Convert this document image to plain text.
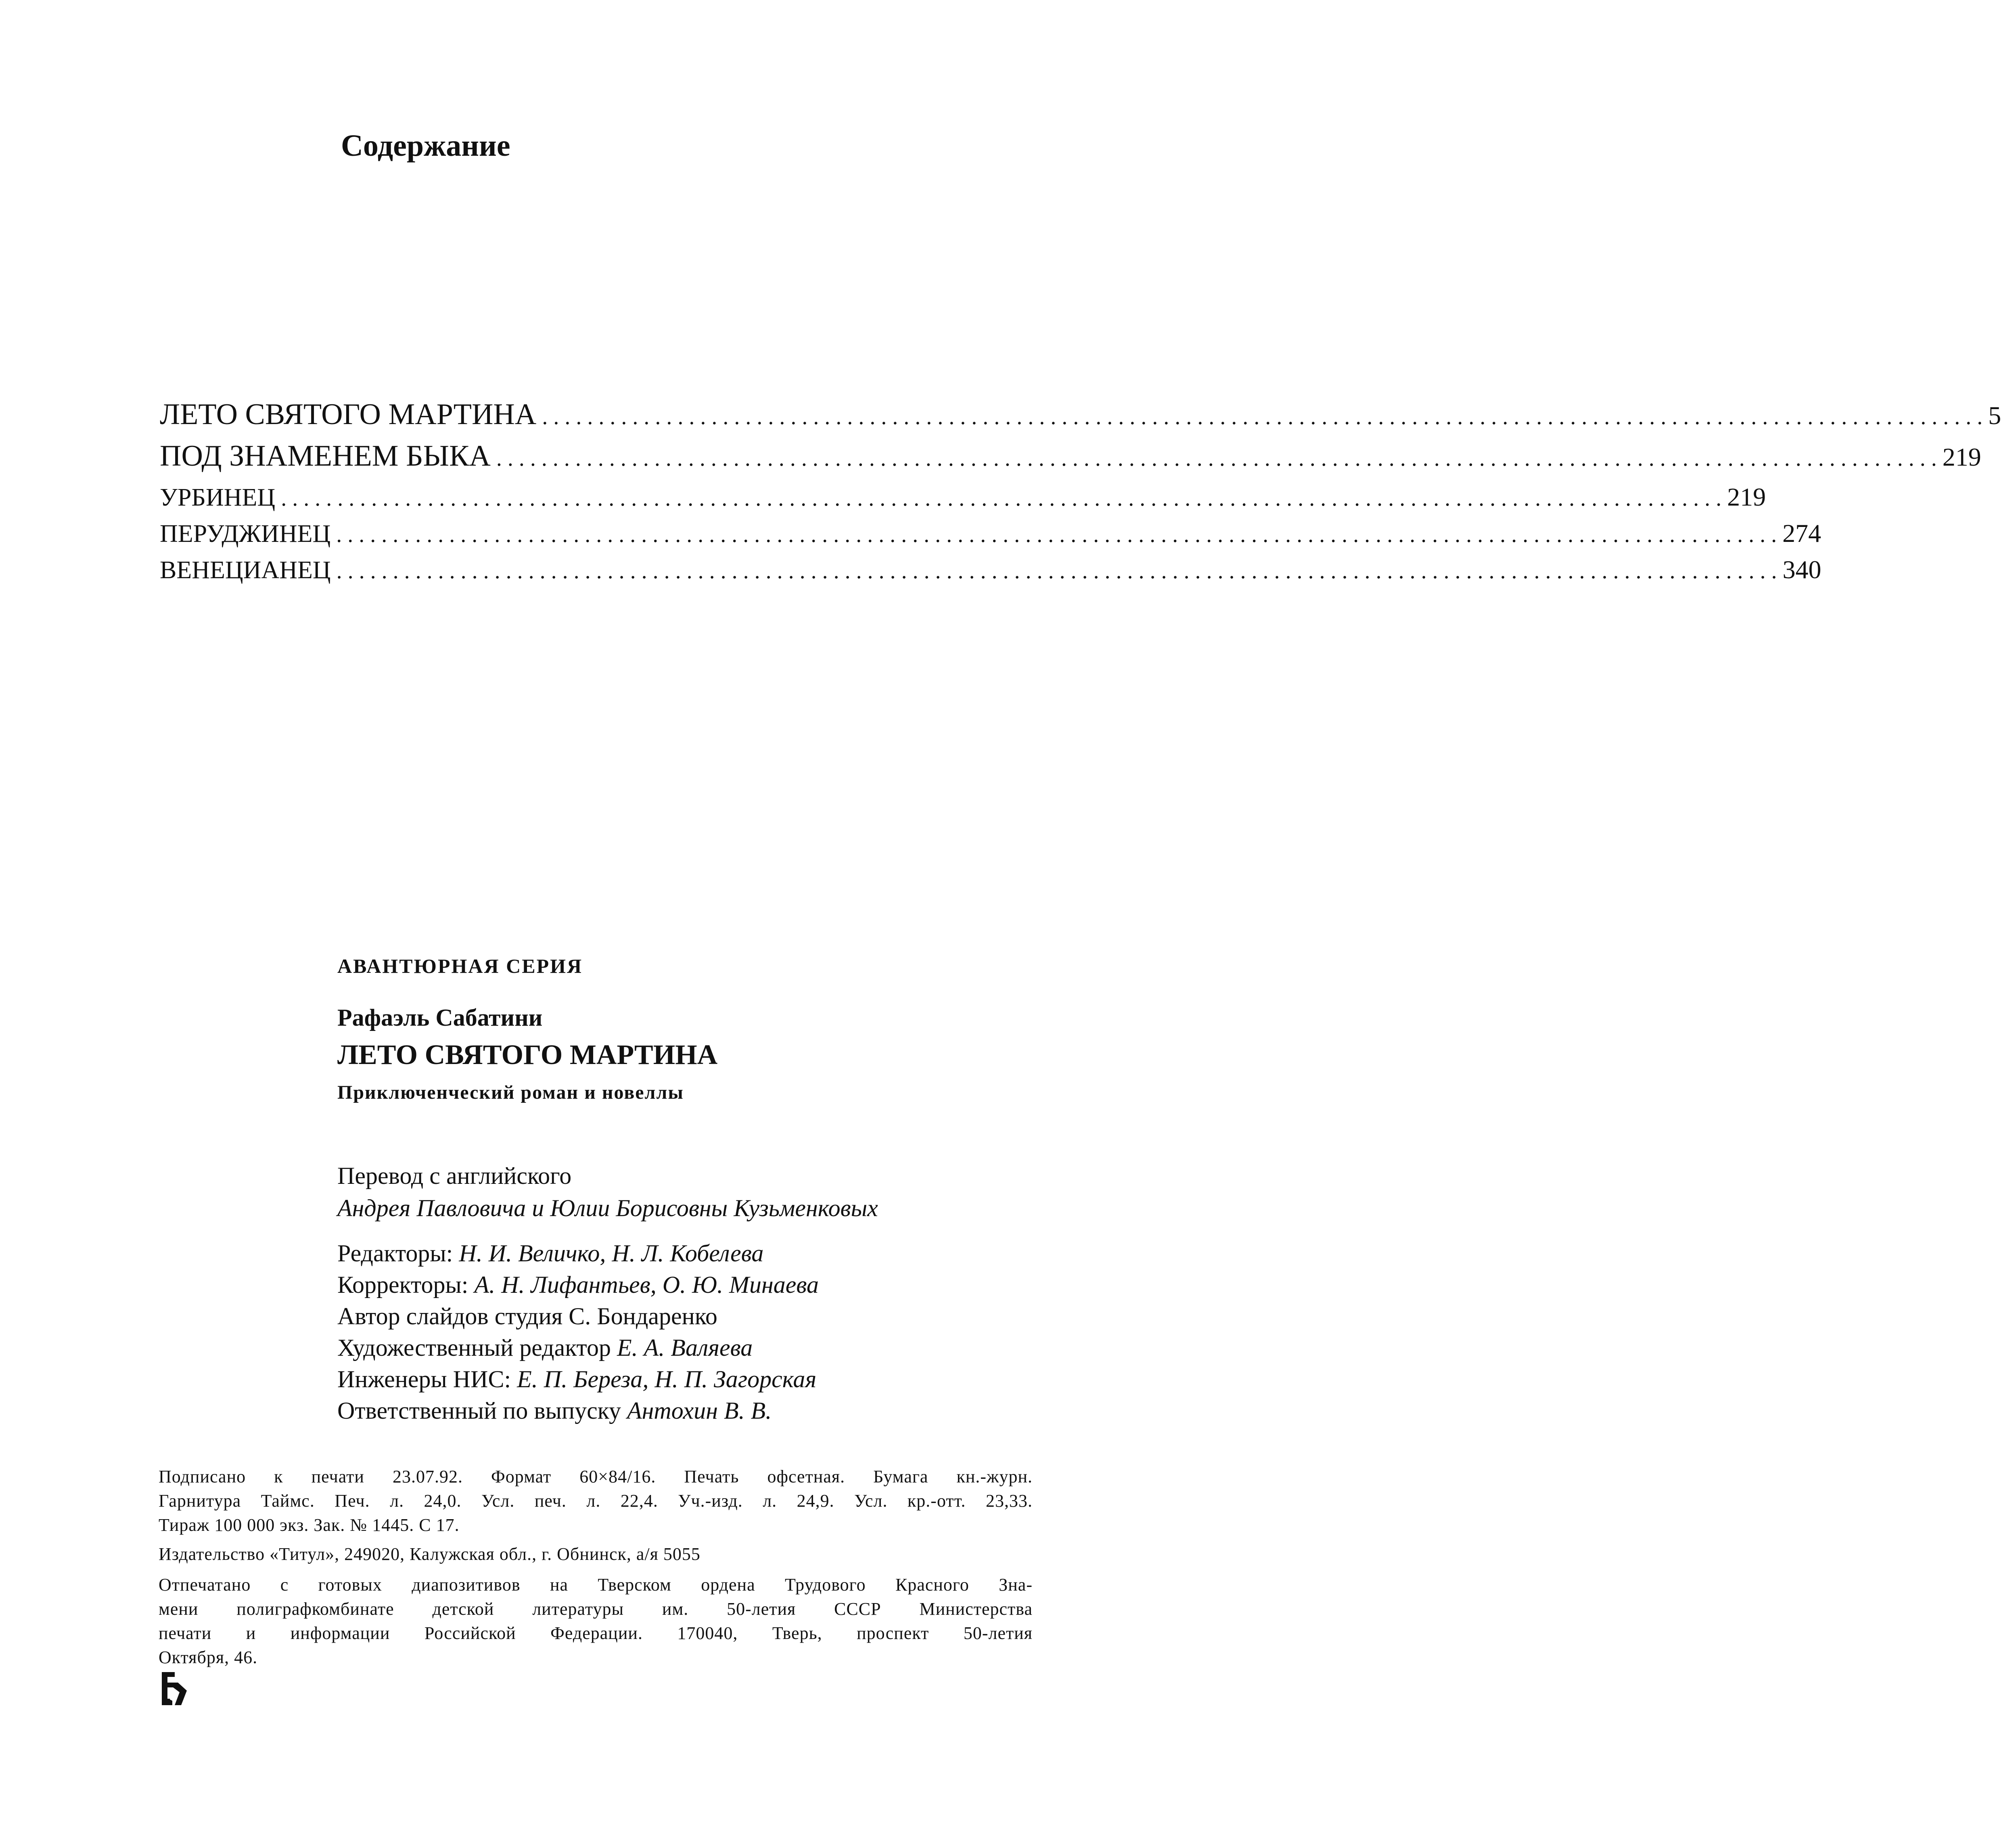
Содержание
ЛЕТО СВЯТОГО МАРТИНА ................................................................................................................................ 5
ПОД ЗНАМЕНЕМ БЫКА ................................................................................................................................ 219
УРБИНЕЦ ................................................................................................................................ 219
ПЕРУДЖИНЕЦ ................................................................................................................................ 274
ВЕНЕЦИАНЕЦ ................................................................................................................................ 340
АВАНТЮРНАЯ СЕРИЯ
Рафаэль Сабатини
ЛЕТО СВЯТОГО МАРТИНА
Приключенческий роман и новеллы
Перевод с английского
Андрея Павловича и Юлии Борисовны Кузьменковых
Редакторы: Н. И. Величко, Н. Л. Кобелева
Корректоры: А. Н. Лифантьев, О. Ю. Минаева
Автор слайдов студия С. Бондаренко
Художественный редактор Е. А. Валяева
Инженеры НИС: Е. П. Береза, Н. П. Загорская
Ответственный по выпуску Антохин В. В.
Подписано к печати 23.07.92. Формат 60×84/16. Печать офсетная. Бумага кн.-журн.
Гарнитура Таймс. Печ. л. 24,0. Усл. печ. л. 22,4. Уч.-изд. л. 24,9. Усл. кр.-отт. 23,33.
Тираж 100 000 экз. Зак. № 1445. С 17.
Издательство «Титул», 249020, Калужская обл., г. Обнинск, а/я 5055
Отпечатано с готовых диапозитивов на Тверском ордена Трудового Красного Зна-
мени полиграфкомбинате детской литературы им. 50-летия СССР Министерства
печати и информации Российской Федерации. 170040, Тверь, проспект 50-летия
Октября, 46.
